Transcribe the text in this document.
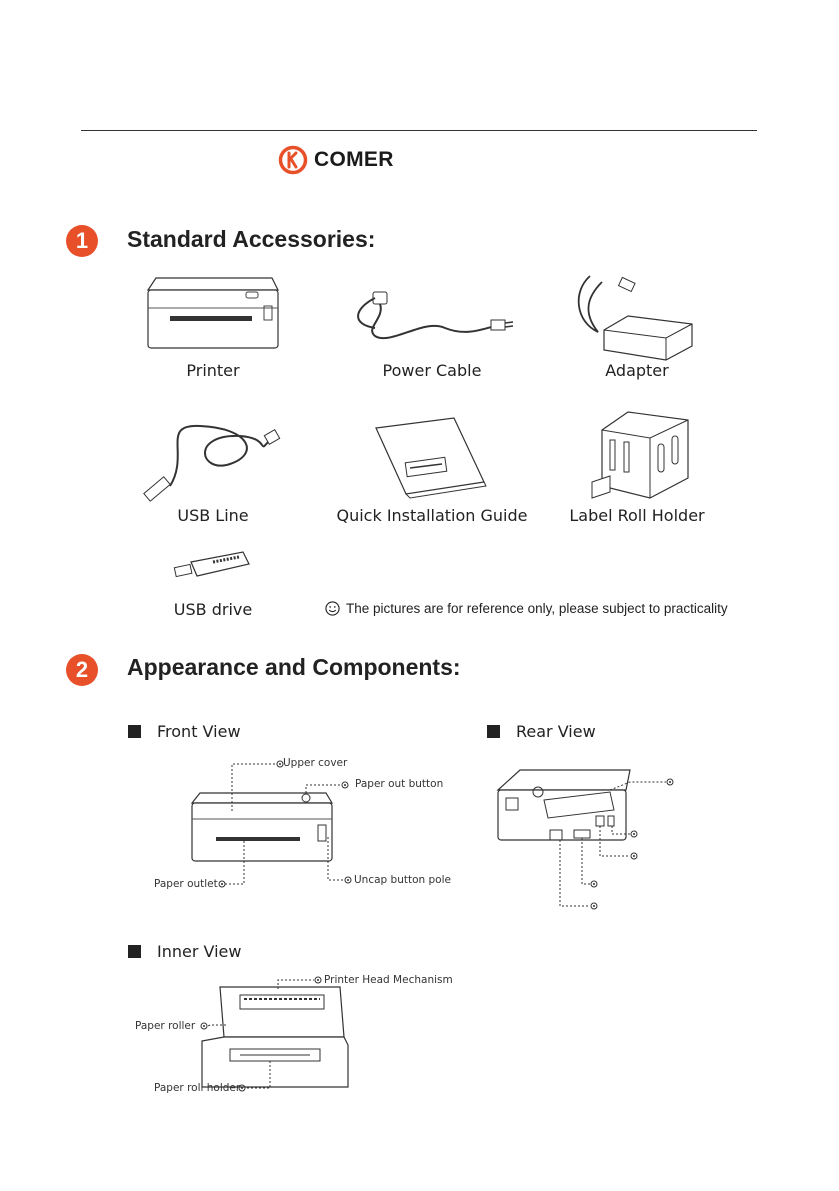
COMER
1	Standard Accessories:
Printer	Power Cable	Adapter
USB Line	Quick Installation Guide	Label Roll Holder
USB drive	The pictures are for reference only, please subject to practicality
2	Appearance and Components:
Front View
Upper cover
Paper out button
Paper outlet	Uncap button pole
Rear View
Inner View
Printer Head Mechanism
Paper roller
Paper roll holder
